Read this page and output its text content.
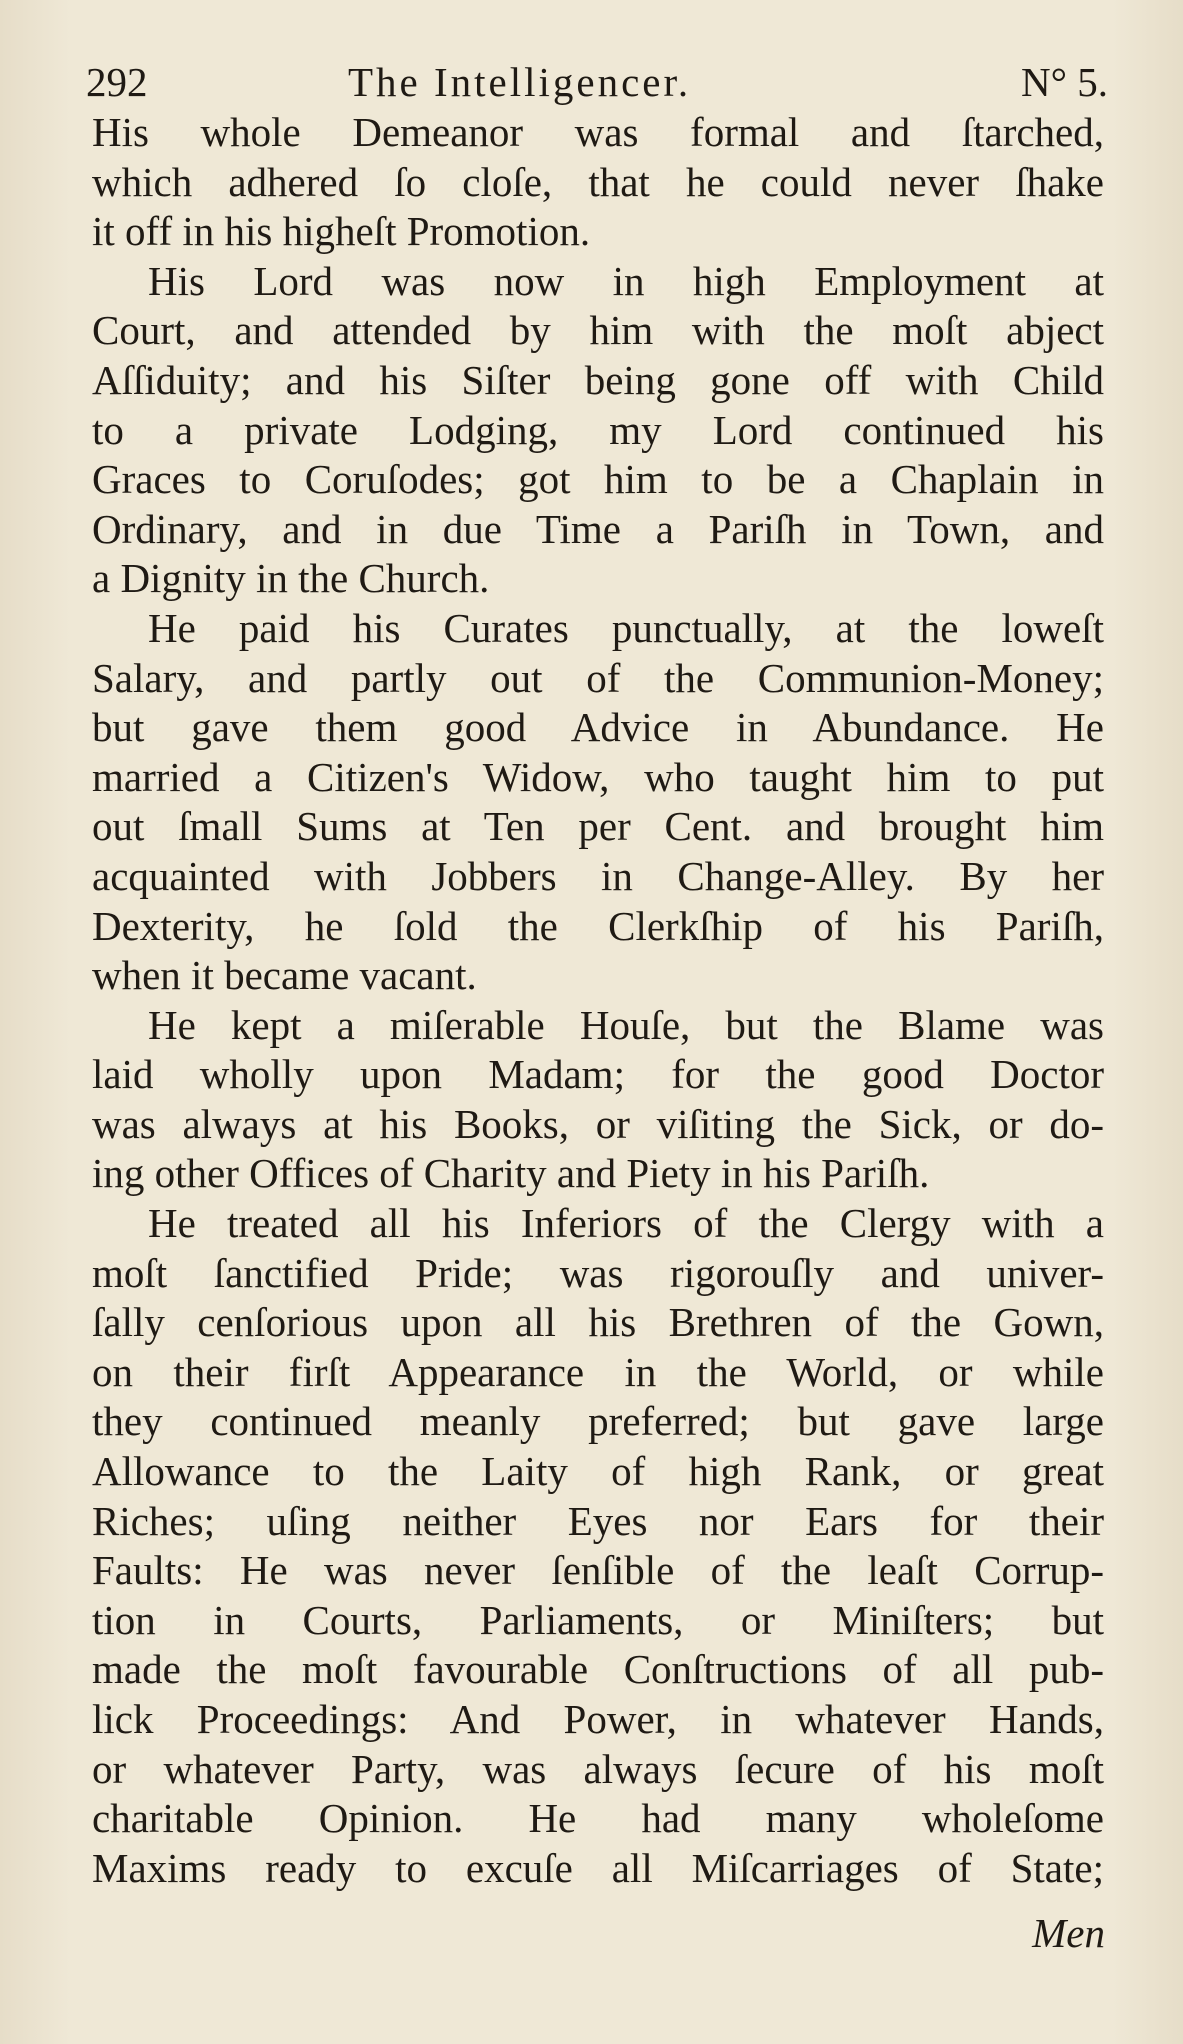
292	The Intelligencer.	N° 5.
His whole Demeanor was formal and ſtarched,
which adhered ſo cloſe, that he could never ſhake
it off in his higheſt Promotion.
His Lord was now in high Employment at
Court, and attended by him with the moſt abject
Aſſiduity; and his Siſter being gone off with Child
to a private Lodging, my Lord continued his
Graces to Coruſodes; got him to be a Chaplain in
Ordinary, and in due Time a Pariſh in Town, and
a Dignity in the Church.
He paid his Curates punctually, at the loweſt
Salary, and partly out of the Communion-Money;
but gave them good Advice in Abundance. He
married a Citizen's Widow, who taught him to put
out ſmall Sums at Ten per Cent. and brought him
acquainted with Jobbers in Change-Alley. By her
Dexterity, he ſold the Clerkſhip of his Pariſh,
when it became vacant.
He kept a miſerable Houſe, but the Blame was
laid wholly upon Madam; for the good Doctor
was always at his Books, or viſiting the Sick, or do-
ing other Offices of Charity and Piety in his Pariſh.
He treated all his Inferiors of the Clergy with a
moſt ſanctified Pride; was rigorouſly and univer-
ſally cenſorious upon all his Brethren of the Gown,
on their firſt Appearance in the World, or while
they continued meanly preferred; but gave large
Allowance to the Laity of high Rank, or great
Riches; uſing neither Eyes nor Ears for their
Faults: He was never ſenſible of the leaſt Corrup-
tion in Courts, Parliaments, or Miniſters; but
made the moſt favourable Conſtructions of all pub-
lick Proceedings: And Power, in whatever Hands,
or whatever Party, was always ſecure of his moſt
charitable Opinion. He had many wholeſome
Maxims ready to excuſe all Miſcarriages of State;
Men
